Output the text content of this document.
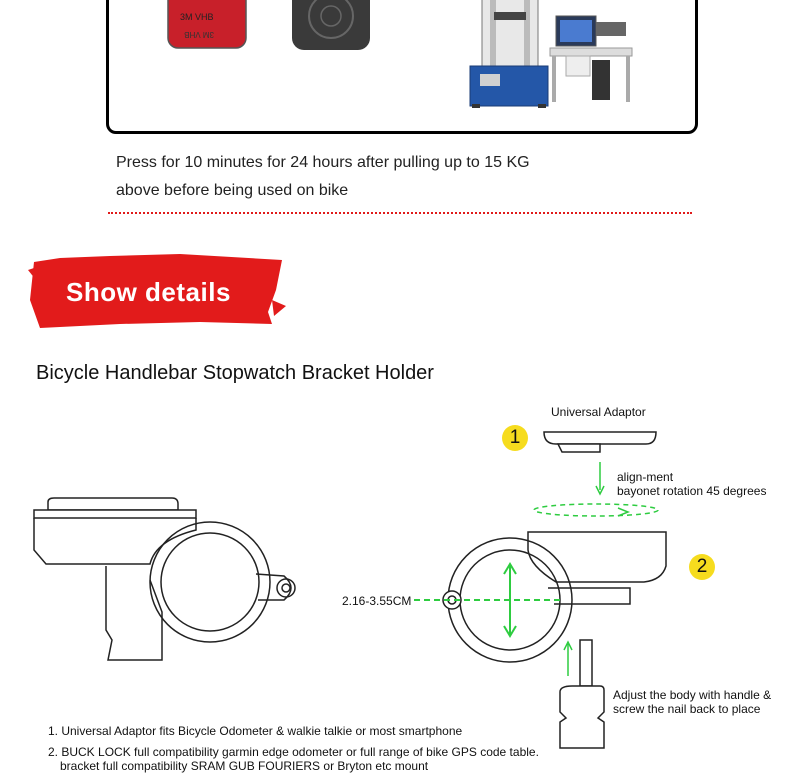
3M VHB
3M VHB
Press for 10 minutes for 24 hours after pulling up to 15 KG
above before being used on bike
Show details
Bicycle Handlebar Stopwatch Bracket Holder
Universal Adaptor
1
2
align-ment
bayonet rotation 45 degrees
2.16-3.55CM
Adjust the body with handle &
screw the nail back to place
1. Universal Adaptor fits Bicycle Odometer & walkie talkie or most smartphone
2. BUCK LOCK full compatibility garmin edge odometer or full range of bike GPS code table.
bracket full compatibility SRAM GUB FOURIERS or Bryton etc mount
